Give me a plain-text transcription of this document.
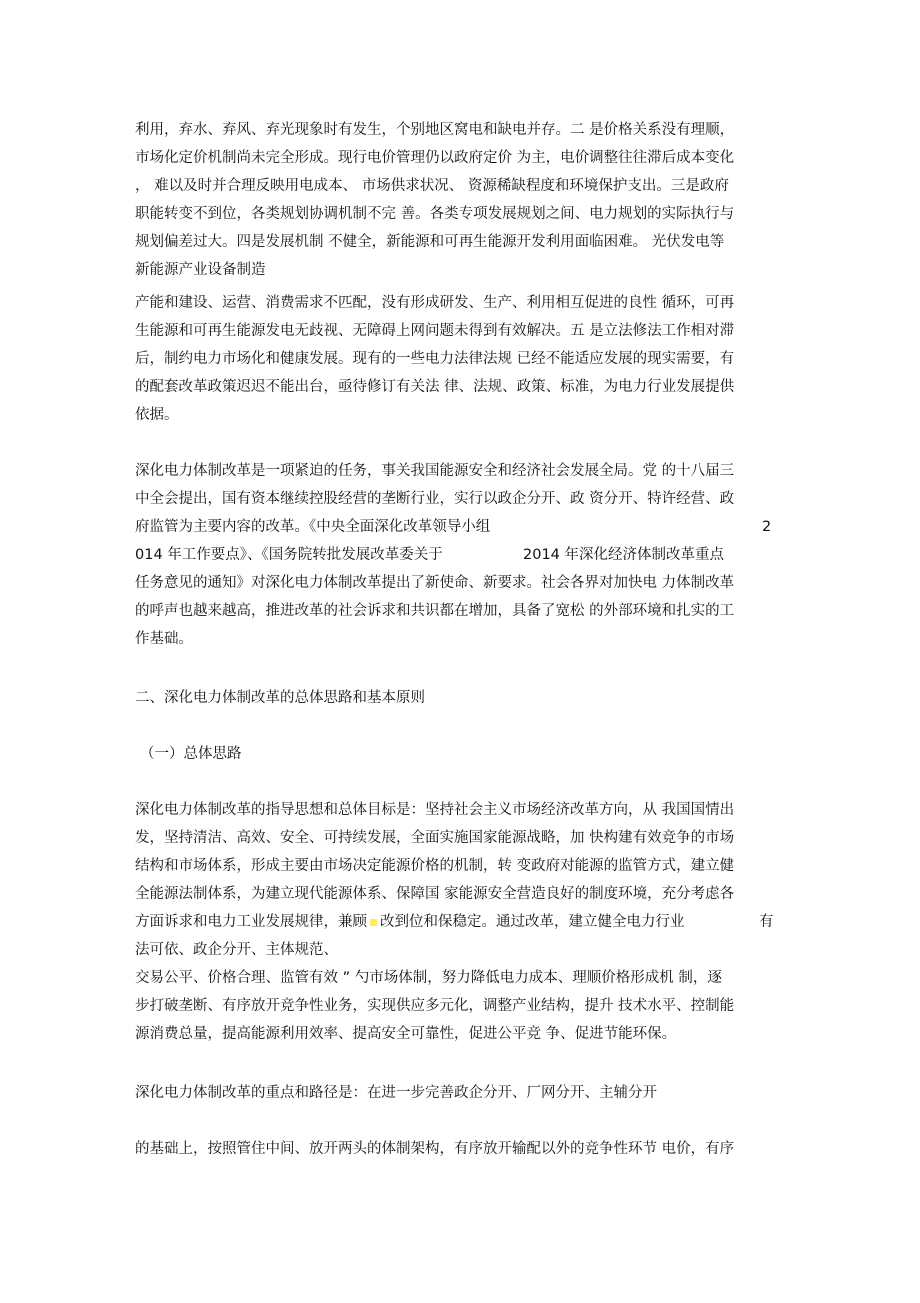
利用，弃水、弃风、弃光现象时有发生，个别地区窝电和缺电并存。二 是价格关系没有理顺，
市场化定价机制尚未完全形成。现行电价管理仍以政府定价 为主，电价调整往往滞后成本变化
， 难以及时并合理反映用电成本、 市场供求状况、 资源稀缺程度和环境保护支出。三是政府
职能转变不到位，各类规划协调机制不完 善。各类专项发展规划之间、电力规划的实际执行与
规划偏差过大。四是发展机制 不健全，新能源和可再生能源开发利用面临困难。 光伏发电等
新能源产业设备制造
产能和建设、运营、消费需求不匹配，没有形成研发、生产、利用相互促进的良性 循环，可再
生能源和可再生能源发电无歧视、无障碍上网问题未得到有效解决。五 是立法修法工作相对滞
后，制约电力市场化和健康发展。现有的一些电力法律法规 已经不能适应发展的现实需要，有
的配套改革政策迟迟不能出台，亟待修订有关法 律、法规、政策、标准，为电力行业发展提供
依据。
深化电力体制改革是一项紧迫的任务，事关我国能源安全和经济社会发展全局。党 的十八届三
中全会提出，国有资本继续控股经营的垄断行业，实行以政企分开、政 资分开、特许经营、政
府监管为主要内容的改革。《中央全面深化改革领导小组	2
014 年工作要点》、《国务院转批发展改革委关于	2014 年深化经济体制改革重点
任务意见的通知》对深化电力体制改革提出了新使命、新要求。社会各界对加快电 力体制改革
的呼声也越来越高，推进改革的社会诉求和共识都在增加，具备了宽松 的外部环境和扎实的工
作基础。
二、深化电力体制改革的总体思路和基本原则
（一）总体思路
深化电力体制改革的指导思想和总体目标是：坚持社会主义市场经济改革方向，从 我国国情出
发，坚持清洁、高效、安全、可持续发展，全面实施国家能源战略，加 快构建有效竞争的市场
结构和市场体系，形成主要由市场决定能源价格的机制，转 变政府对能源的监管方式，建立健
全能源法制体系，为建立现代能源体系、保障国 家能源安全营造良好的制度环境，充分考虑各
方面诉求和电力工业发展规律，兼顾 改到位和保稳定。通过改革，建立健全电力行业	有
法可依、政企分开、主体规范、
交易公平、价格合理、监管有效 ” 勺市场体制，努力降低电力成本、理顺价格形成机 制，逐
步打破垄断、有序放开竞争性业务，实现供应多元化，调整产业结构，提升 技术水平、控制能
源消费总量，提高能源利用效率、提高安全可靠性，促进公平竞 争、促进节能环保。
深化电力体制改革的重点和路径是：在进一步完善政企分开、厂网分开、主辅分开
的基础上，按照管住中间、放开两头的体制架构，有序放开输配以外的竞争性环节 电价，有序
